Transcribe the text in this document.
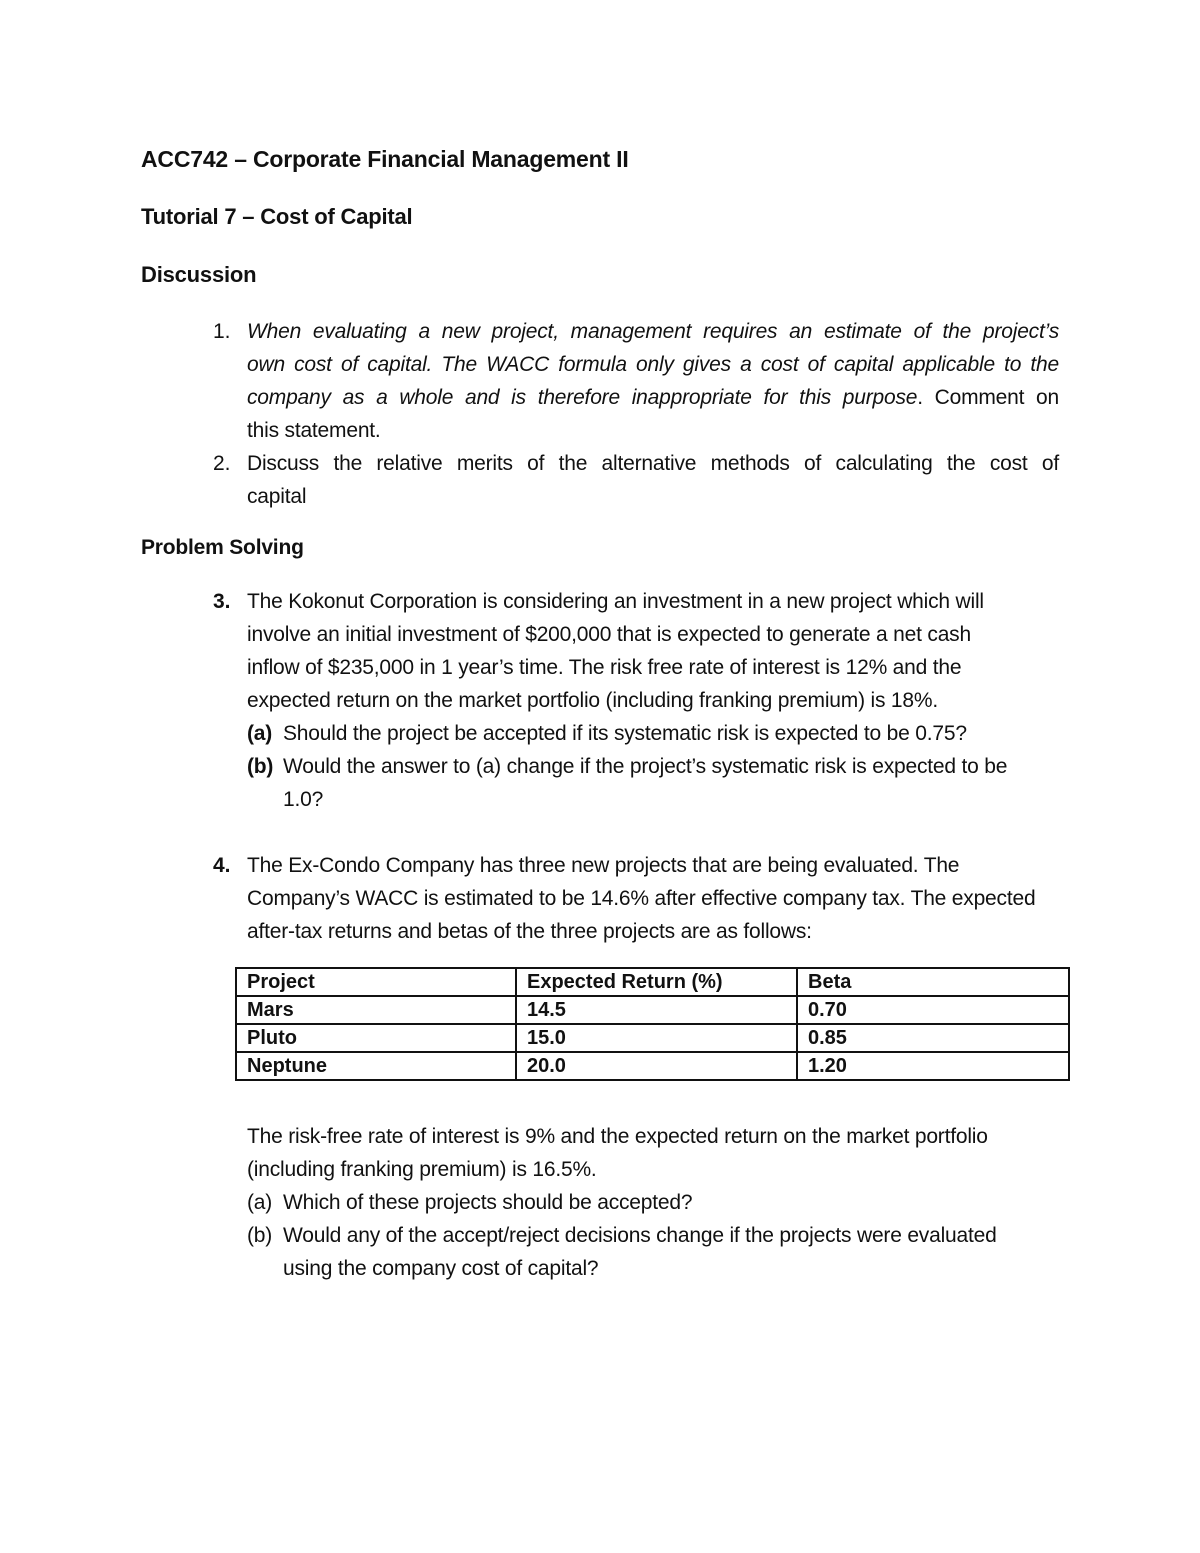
ACC742 – Corporate Financial Management II
Tutorial 7 – Cost of Capital
Discussion
1. When evaluating a new project, management requires an estimate of the project’s
own cost of capital. The WACC formula only gives a cost of capital applicable to the
company as a whole and is therefore inappropriate for this purpose. Comment on
this statement.
2. Discuss the relative merits of the alternative methods of calculating the cost of
capital
Problem Solving
3. The Kokonut Corporation is considering an investment in a new project which will
involve an initial investment of $200,000 that is expected to generate a net cash
inflow of $235,000 in 1 year’s time. The risk free rate of interest is 12% and the
expected return on the market portfolio (including franking premium) is 18%.
(a) Should the project be accepted if its systematic risk is expected to be 0.75?
(b) Would the answer to (a) change if the project’s systematic risk is expected to be
1.0?
4. The Ex-Condo Company has three new projects that are being evaluated. The
Company’s WACC is estimated to be 14.6% after effective company tax. The expected
after-tax returns and betas of the three projects are as follows:
Project	Expected Return (%)	Beta
Mars	14.5	0.70
Pluto	15.0	0.85
Neptune	20.0	1.20
The risk-free rate of interest is 9% and the expected return on the market portfolio
(including franking premium) is 16.5%.
(a) Which of these projects should be accepted?
(b) Would any of the accept/reject decisions change if the projects were evaluated
using the company cost of capital?
